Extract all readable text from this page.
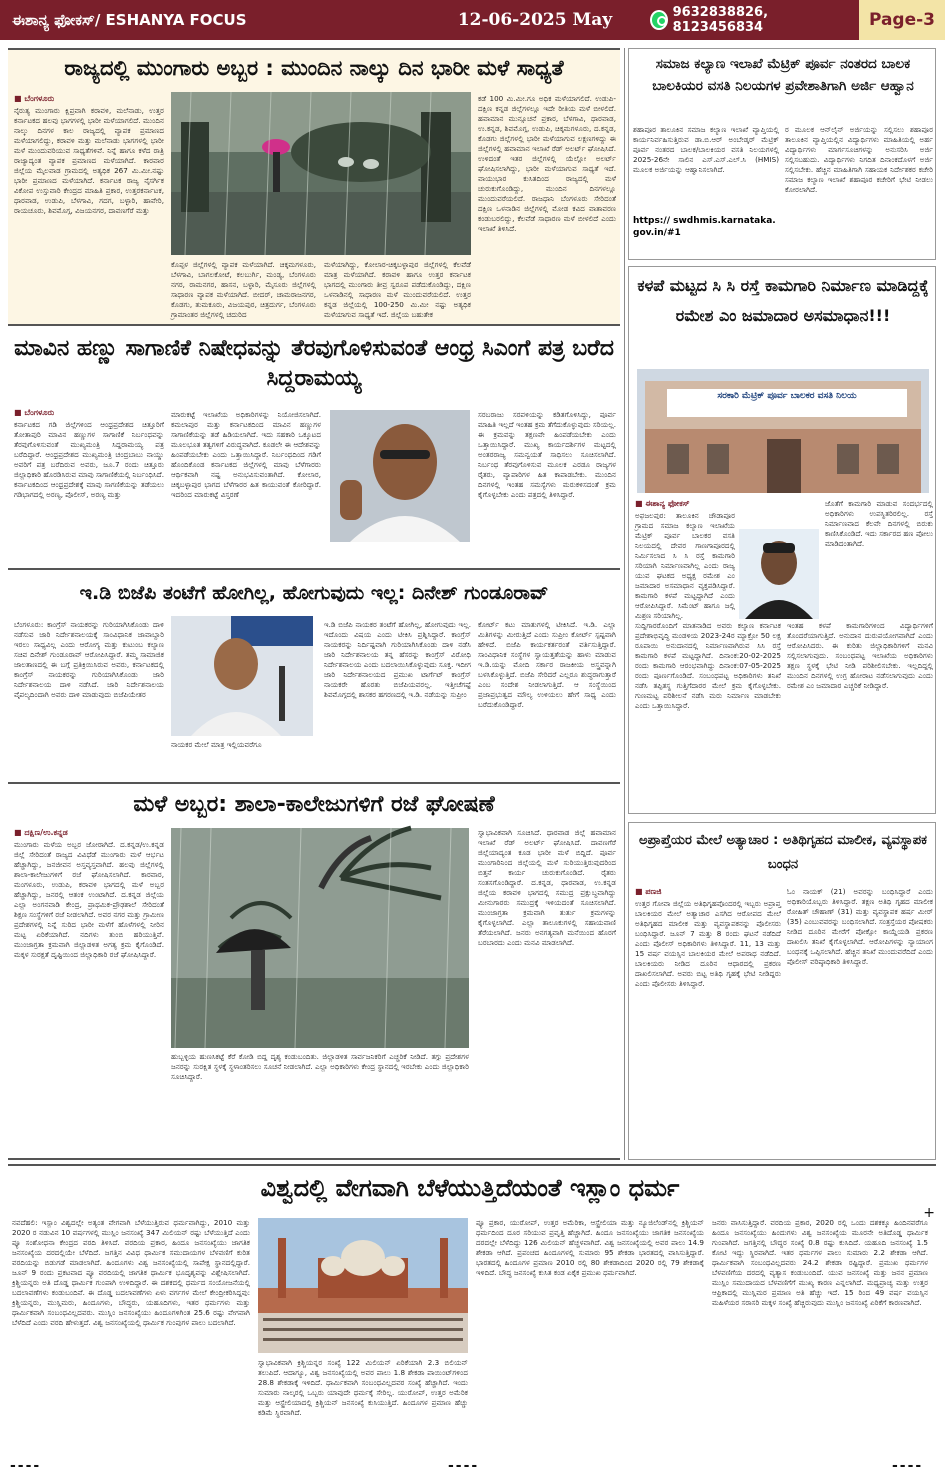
ಈಶಾನ್ಯ ಫೋಕಸ್/ ESHANYA FOCUS	12-06-2025 May	9632838826, 8123456834	Page-3
ರಾಜ್ಯದಲ್ಲಿ ಮುಂಗಾರು ಅಬ್ಬರ : ಮುಂದಿನ ನಾಲ್ಕು ದಿನ ಭಾರೀ ಮಳೆ ಸಾಧ್ಯತೆ
■ ಬೆಂಗಳೂರು
ನೈರುತ್ಯ ಮುಂಗಾರು ಕ್ಷಿಪ್ರವಾಗಿ ಕರಾವಳಿ, ಮಲೆನಾಡು, ಉತ್ತರ ಕರ್ನಾಟಕದ ಹಲವು ಭಾಗಗಳಲ್ಲಿ ಭಾರೀ ಮಳೆಯಾಗಲಿದೆ. ಮುಂದಿನ ನಾಲ್ಕು ದಿನಗಳ ಕಾಲ ರಾಜ್ಯದಲ್ಲಿ ವ್ಯಾಪಕ ಪ್ರಮಾಣದ ಮಳೆಯಾಗಲಿದ್ದು, ಕರಾವಳಿ ಮತ್ತು ಮಲೆನಾಡು ಭಾಗಗಳಲ್ಲಿ ಭಾರೀ ಮಳೆ ಮುಂದುವರಿಯುವ ಸಾಧ್ಯತೆಗಳಿವೆ. ನಿನ್ನೆ ಹಾಗೂ ಕಳೆದ ರಾತ್ರಿ ರಾಜ್ಯಾದ್ಯಂತ ವ್ಯಾಪಕ ಪ್ರಮಾಣದ ಮಳೆಯಾಗಿದೆ. ಕಾರವಾರ ಜಿಲ್ಲೆಯ ಮೈಲವಾಡ ಗ್ರಾಮದಲ್ಲಿ ಅತ್ಯಧಿಕ 267 ಮಿ.ಮೀ.ನಷ್ಟು ಭಾರೀ ಪ್ರಮಾಣದ ಮಳೆಯಾಗಿದೆ. ಕರ್ನಾಟಕ ರಾಜ್ಯ ನೈಸರ್ಗಿಕ ವಿಕೋಪ ಉಸ್ತುವಾರಿ ಕೇಂದ್ರದ ಮಾಹಿತಿ ಪ್ರಕಾರ, ಉತ್ತರಕರ್ನಾಟಕ, ಧಾರವಾಡ, ಉಡುಪಿ, ಬೆಳಗಾವಿ, ಗದಗ, ಬಳ್ಳಾರಿ, ಹಾವೇರಿ, ರಾಯಚೂರು, ಶಿವಮೊಗ್ಗ, ವಿಜಯನಗರ, ದಾವಣಗೆರೆ ಮತ್ತು
ಕೊಪ್ಪಳ ಜಿಲ್ಲೆಗಳಲ್ಲಿ ವ್ಯಾಪಕ ಮಳೆಯಾಗಿದೆ. ಚಿಕ್ಕಮಗಳೂರು, ಬೆಳಗಾವಿ, ಬಾಗಲಕೋಟೆ, ಕಲಬುರ್ಗಿ, ಮಂಡ್ಯ, ಬೆಂಗಳೂರು ನಗರ, ರಾಮನಗರ, ಹಾಸನ, ಬಳ್ಳಾರಿ, ಮೈಸೂರು ಜಿಲ್ಲೆಗಳಲ್ಲಿ ಸಾಧಾರಣ ವ್ಯಾಪಕ ಮಳೆಯಾಗಿದೆ. ಬೀದರ್, ಚಾಮರಾಜನಗರ, ಕೊಡಗು, ತುಮಕೂರು, ವಿಜಯಪುರ, ಚಿತ್ರದುರ್ಗ, ಬೆಂಗಳೂರು ಗ್ರಾಮಾಂತರ ಜಿಲ್ಲೆಗಳಲ್ಲಿ ಚದುರಿದ
ಮಳೆಯಾಗಿದ್ದು, ಕೋಲಾರ-ಚಿಕ್ಕಬಳ್ಳಾಪುರ ಜಿಲ್ಲೆಗಳಲ್ಲಿ ಕೆಲವೆಡೆ ಮಾತ್ರ ಮಳೆಯಾಗಿದೆ. ಕರಾವಳಿ ಹಾಗೂ ಉತ್ತರ ಕರ್ನಾಟಕ ಭಾಗದಲ್ಲಿ ಮುಂಗಾರು ತೀವ್ರ ಸ್ವರೂಪ ಪಡೆದುಕೊಂಡಿದ್ದು, ದಕ್ಷಿಣ ಒಳನಾಡಿನಲ್ಲಿ ಸಾಧಾರಣ ಮಳೆ ಮುಂದುವರೆಯಲಿದೆ. ಉತ್ತರ ಕನ್ನಡ ಜಿಲ್ಲೆಯಲ್ಲಿ 100-250 ಮಿ.ಮೀ ನಷ್ಟು ಅತ್ಯಧಿಕ ಮಳೆಯಾಗುವ ಸಾಧ್ಯತೆ ಇದೆ. ಜಿಲ್ಲೆಯ ಬಹುತೇಕ
ಕಡೆ 100 ಮಿ.ಮೀ.ಗೂ ಅಧಿಕ ಮಳೆಯಾಗಲಿದೆ. ಉಡುಪಿ-ದಕ್ಷಿಣ ಕನ್ನಡ ಜಿಲ್ಲೆಗಳಲ್ಲೂ ಇದೇ ರೀತಿಯ ಮಳೆ ಬೀಳಲಿದೆ. ಹವಾಮಾನ ಮುನ್ಸೂಚನೆ ಪ್ರಕಾರ, ಬೆಳಗಾವಿ, ಧಾರವಾಡ, ಉ.ಕನ್ನಡ, ಶಿವಮೊಗ್ಗ, ಉಡುಪಿ, ಚಿಕ್ಕಮಗಳೂರು, ದ.ಕನ್ನಡ, ಕೊಡಗು ಜಿಲ್ಲೆಗಳಲ್ಲಿ ಭಾರೀ ಮಳೆಯಾಗುವ ಲಕ್ಷಣಗಳಿದ್ದು ಈ ಜಿಲ್ಲೆಗಳಲ್ಲಿ ಹವಾಮಾನ ಇಲಾಖೆ ರೆಡ್ ಅಲರ್ಟ್ ಘೋಷಿಸಿದೆ. ಉಳಿದಂತೆ ಇತರ ಜಿಲ್ಲೆಗಳಲ್ಲಿ ಯೆಲ್ಲೋ ಅಲರ್ಟ್ ಘೋಷಿಸಲಾಗಿದ್ದು, ಭಾರೀ ಮಳೆಯಾಗುವ ಸಾಧ್ಯತೆ ಇದೆ. ವಾಯುಭಾರ ಕುಸಿತದಿಂದ ರಾಜ್ಯದಲ್ಲಿ ಮಳೆ ಚುರುಕುಗೊಂಡಿದ್ದು, ಮುಂದಿನ ದಿನಗಳಲ್ಲೂ ಮುಂದುವರೆಯಲಿದೆ. ರಾಜಧಾನಿ ಬೆಂಗಳೂರು ಸೇರಿದಂತೆ ದಕ್ಷಿಣ ಒಳನಾಡಿನ ಜಿಲ್ಲೆಗಳಲ್ಲಿ ಮೋಡ ಕವಿದ ವಾತಾವರಣ ಕಂಡುಬರಲಿದ್ದು, ಕೆಲವೆಡೆ ಸಾಧಾರಣ ಮಳೆ ಬೀಳಲಿದೆ ಎಂದು ಇಲಾಖೆ ತಿಳಿಸಿದೆ.
ಮಾವಿನ ಹಣ್ಣು ಸಾಗಾಣಿಕೆ ನಿಷೇಧವನ್ನು ತೆರವುಗೊಳಿಸುವಂತೆ ಆಂಧ್ರ ಸಿಎಂಗೆ ಪತ್ರ ಬರೆದ ಸಿದ್ದರಾಮಯ್ಯ
■ ಬೆಂಗಳೂರು
ಕರ್ನಾಟಕದ ಗಡಿ ಜಿಲ್ಲೆಗಳಿಂದ ಆಂಧ್ರಪ್ರದೇಶದ ಚಿತ್ತೂರಿಗೆ ತೋತಾಪುರಿ ಮಾವಿನ ಹಣ್ಣುಗಳ ಸಾಗಾಣಿಕೆ ನಿರ್ಬಂಧವನ್ನು ತೆರವುಗೊಳಿಸುವಂತೆ ಮುಖ್ಯಮಂತ್ರಿ ಸಿದ್ದರಾಮಯ್ಯ ಪತ್ರ ಬರೆದಿದ್ದಾರೆ. ಆಂಧ್ರಪ್ರದೇಶದ ಮುಖ್ಯಮಂತ್ರಿ ಚಂದ್ರಬಾಬು ನಾಯ್ಡು ಅವರಿಗೆ ಪತ್ರ ಬರೆದಿರುವ ಅವರು, ಜೂ.7 ರಂದು ಚಿತ್ತೂರು ಜಿಲ್ಲಾಧಿಕಾರಿ ಹೊರಡಿಸಿರುವ ಮಾವು ಸಾಗಾಣಿಕೆಯಲ್ಲಿ ನಿರ್ಬಂಧಿಸಿದೆ. ಕರ್ನಾಟಕದಿಂದ ಆಂಧ್ರಪ್ರದೇಶಕ್ಕೆ ಮಾವು ಸಾಗಣಿಕೆಯನ್ನು ತಡೆಯಲು ಗಡಿಭಾಗದಲ್ಲಿ ಅರಣ್ಯ, ಪೊಲೀಸ್, ಅರಣ್ಯ ಮತ್ತು
ಮಾರುಕಟ್ಟೆ ಇಲಾಖೆಯ ಅಧಿಕಾರಿಗಳನ್ನು ನಿಯೋಜಿಸಲಾಗಿದೆ. ಕಮಲಾಪುರ ಮತ್ತು ಕರ್ನಾಟಕದಿಂದ ಮಾವಿನ ಹಣ್ಣುಗಳ ಸಾಗಾಣಿಕೆಯನ್ನು ತಡೆ ಹಿಡಿಯಲಾಗಿದೆ. ಇದು ಸಹಕಾರಿ ಒಕ್ಕೂಟದ ಮೂಲಭೂತ ತತ್ವಗಳಿಗೆ ವಿರುದ್ಧವಾಗಿದೆ. ಕೂಡಲೇ ಈ ಆದೇಶವನ್ನು ಹಿಂಪಡೆಯಬೇಕು ಎಂದು ಒತ್ತಾಯಿಸಿದ್ದಾರೆ. ನಿರ್ಬಂಧದಿಂದ ಗಡಿಗೆ ಹೊಂದಿಕೊಂಡ ಕರ್ನಾಟಕದ ಜಿಲ್ಲೆಗಳಲ್ಲಿ ಮಾವು ಬೆಳೆಗಾರರು ಆರ್ಥಿಕವಾಗಿ ನಷ್ಟ ಅನುಭವಿಸುವಂತಾಗಿದೆ. ಕೋಲಾರ, ಚಿಕ್ಕಬಳ್ಳಾಪುರ ಭಾಗದ ಬೆಳೆಗಾರರ ಹಿತ ಕಾಯುವಂತೆ ಕೋರಿದ್ದಾರೆ. ಇದರಿಂದ ಮಾರುಕಟ್ಟೆ ವಿಸ್ತರಣೆ
ಸರಬರಾಜು ಸರಪಳಿಯನ್ನು ಕಡಿತಗೊಳಿಸಿದ್ದು, ಪೂರ್ವ ಮಾಹಿತಿ ಇಲ್ಲದೆ ಇಂತಹ ಕ್ರಮ ತೆಗೆದುಕೊಳ್ಳುವುದು ಸರಿಯಲ್ಲ. ಈ ಕ್ರಮವನ್ನು ತಕ್ಷಣವೇ ಹಿಂಪಡೆಯಬೇಕು ಎಂದು ಒತ್ತಾಯಿಸಿದ್ದಾರೆ. ಮುಖ್ಯ ಕಾರ್ಯದರ್ಶಿಗಳ ಮಟ್ಟದಲ್ಲಿ ಅಂತರರಾಜ್ಯ ಸಮನ್ವಯತೆ ಸಾಧಿಸಲು ಸೂಚಿಸಲಾಗಿದೆ. ನಿರ್ಬಂಧ ತೆರವುಗೊಳಿಸುವ ಮೂಲಕ ಎರಡೂ ರಾಜ್ಯಗಳ ರೈತರು, ವ್ಯಾಪಾರಿಗಳ ಹಿತ ಕಾಪಾಡಬೇಕು. ಮುಂದಿನ ದಿನಗಳಲ್ಲಿ ಇಂತಹ ಸಮಸ್ಯೆಗಳು ಮರುಕಳಿಸದಂತೆ ಕ್ರಮ ಕೈಗೊಳ್ಳಬೇಕು ಎಂದು ಪತ್ರದಲ್ಲಿ ತಿಳಿಸಿದ್ದಾರೆ.
ಇ.ಡಿ ಬಿಜೆಪಿ ತಂಟೆಗೆ ಹೋಗಿಲ್ಲ, ಹೋಗುವುದು ಇಲ್ಲ: ದಿನೇಶ್ ಗುಂಡೂರಾವ್
ಬೆಂಗಳೂರು: ಕಾಂಗ್ರೆಸ್ ನಾಯಕರನ್ನು ಗುರಿಯಾಗಿಸಿಕೊಂಡು ದಾಳಿ ನಡೆಸುವ ಜಾರಿ ನಿರ್ದೇಶನಾಲಯಕ್ಕೆ ಸಾಂವಿಧಾನಿಕ ಜಾವಾಬ್ದಾರಿ ಇರಲು ಸಾಧ್ಯವಿಲ್ಲ ಎಂದು ಆರೋಗ್ಯ ಮತ್ತು ಕುಟುಂಬ ಕಲ್ಯಾಣ ಸಚಿವ ದಿನೇಶ್ ಗುಂಡೂರಾವ್ ಆರೋಪಿಸಿದ್ದಾರೆ. ತಮ್ಮ ಸಾಮಾಜಿಕ ಜಾಲತಾಣದಲ್ಲಿ ಈ ಬಗ್ಗೆ ಪ್ರತಿಕ್ರಿಯಿಸಿರುವ ಅವರು, ಕರ್ನಾಟಕದಲ್ಲಿ ಕಾಂಗ್ರೆಸ್ ನಾಯಕರನ್ನು ಗುರಿಯಾಗಿಸಿಕೊಂಡು ಜಾರಿ ನಿರ್ದೇಶನಾಲಯ ದಾಳಿ ನಡೆಸಿದೆ. ಜಾರಿ ನಿರ್ದೇಶನಾಲಯ ವೈಪಲ್ಯದಿಂದಾಗಿ ಅವರು ದಾಳಿ ಮಾಡುವುದು ಬಿಜೆಪಿಯೇತರ
ನಾಯಕರ ಮೇಲೆ ಮಾತ್ರ ಇಲ್ಲಿಯವರೆಗೂ
ಇ.ಡಿ ಬಿಜೆಪಿ ನಾಯಕರ ತಂಟೆಗೆ ಹೋಗಿಲ್ಲ, ಹೋಗುವುದು ಇಲ್ಲ. ಇದೊಂದು ವಿಷಯ ಎಂದು ಟೀಕಿಸಿ ಪ್ರಶ್ನಿಸಿದ್ದಾರೆ. ಕಾಂಗ್ರೆಸ್ ನಾಯಕರನ್ನು ನಿರ್ದಿಷ್ಟವಾಗಿ ಗುರಿಯಾಗಿಸಿಕೊಂಡು ದಾಳಿ ನಡೆಸಿ ಜಾರಿ ನಿರ್ದೇಶನಾಲಯ ತನ್ನ ಹೆಸರನ್ನು ಕಾಂಗ್ರೆಸ್ ವಿರೋಧಿ ನಿರ್ದೇಶನಾಲಯ ಎಂದು ಬದಲಾಯಿಸಿಕೊಳ್ಳುವುದು ಸೂಕ್ತ. ಇದೀಗ ಜಾರಿ ನಿರ್ದೇಶನಾಲಯದ ಪ್ರಮುಖ ಟಾರ್ಗೆಟ್ ಕಾಂಗ್ರೆಸ್ ನಾಯಕರೇ ಹೊರತು ಬಿಜೆಪಿಯವರಲ್ಲ. ಇತ್ತೀಚೆಗಷ್ಟೆ ಶಿವಮೊಗ್ಗದಲ್ಲಿ ಶಾಸಕರ ಹಗರಣದಲ್ಲಿ ಇ.ಡಿ. ನಡೆಯನ್ನು ಸುಪ್ರೀಂ
ಕೋರ್ಟ್ ಕಟು ಮಾತುಗಳಲ್ಲಿ ಟೀಕಿಸಿದೆ. ಇ.ಡಿ. ಎಲ್ಲಾ ಮಿತಿಗಳನ್ನು ಮೀರುತ್ತಿದೆ ಎಂದು ಸುಪ್ರೀಂ ಕೋರ್ಟ್ ಸ್ಪಷ್ಟವಾಗಿ ಹೇಳಿದೆ. ಬಿಜೆಪಿ ಕಾರ್ಯಕರ್ತರಂತೆ ವರ್ತಿಸುತ್ತಿದ್ದಾರೆ. ಸಾಂವಿಧಾನಿಕ ಸಂಸ್ಥೆಗಳ ಸ್ವಾಯತ್ತತೆಯನ್ನು ಹಾಳು ಮಾಡುವ ಇ.ಡಿ.ಯನ್ನು ಮೋದಿ ಸರ್ಕಾರ ರಾಜಕೀಯ ಅಸ್ತ್ರವನ್ನಾಗಿ ಬಳಸಿಕೊಳ್ಳುತ್ತಿದೆ. ಬಿಜೆಪಿ ಸೇರಿದರೆ ಎಲ್ಲರೂ ಶುದ್ಧರಾಗುತ್ತಾರೆ ಎಂಬ ಸಂದೇಶ ನೀಡಲಾಗುತ್ತಿದೆ. ಆ ಸಂಸ್ಥೆಯಿಂದ ಪ್ರಜಾಪ್ರಭುತ್ವದ ಮೌಲ್ಯ ಉಳಿಯಲು ಹೇಗೆ ಸಾಧ್ಯ ಎಂದು ಬರೆದುಕೊಂಡಿದ್ದಾರೆ.
ಮಳೆ ಅಬ್ಬರ: ಶಾಲಾ-ಕಾಲೇಜುಗಳಿಗೆ ರಜೆ ಘೋಷಣೆ
■ ದಕ್ಷಿಣ/ಉ.ಕನ್ನಡ
ಮುಂಗಾರು ಮಳೆಯ ಅಬ್ಬರ ಜೋರಾಗಿದೆ. ದ.ಕನ್ನಡ/ಉ.ಕನ್ನಡ ಜಿಲ್ಲೆ ಸೇರಿದಂತೆ ರಾಜ್ಯದ ವಿವಿಧೆಡೆ ಮುಂಗಾರು ಮಳೆ ಆರ್ಭಟ ಹೆಚ್ಚಾಗಿದ್ದು, ಜನಜೀವನ ಅಸ್ತವ್ಯಸ್ತವಾಗಿದೆ. ಹಲವು ಜಿಲ್ಲೆಗಳಲ್ಲಿ ಶಾಲಾ-ಕಾಲೇಜುಗಳಿಗೆ ರಜೆ ಘೋಷಿಸಲಾಗಿದೆ. ಕಾರವಾರ, ಮಂಗಳೂರು, ಉಡುಪಿ, ಕರಾವಳಿ ಭಾಗದಲ್ಲಿ ಮಳೆ ಅಬ್ಬರ ಹೆಚ್ಚಾಗಿದ್ದು, ಜನರಲ್ಲಿ ಆತಂಕ ಉಂಟಾಗಿದೆ. ದ.ಕನ್ನಡ ಜಿಲ್ಲೆಯ ಎಲ್ಲಾ ಅಂಗನವಾಡಿ ಕೇಂದ್ರ, ಪ್ರಾಥಮಿಕ-ಪ್ರೌಢಶಾಲೆ ಸೇರಿದಂತೆ ಶಿಕ್ಷಣ ಸಂಸ್ಥೆಗಳಿಗೆ ರಜೆ ನೀಡಲಾಗಿದೆ. ಅವರ ನಗರ ಮತ್ತು ಗ್ರಾಮೀಣ ಪ್ರದೇಶಗಳಲ್ಲಿ ನಿನ್ನೆ ಸುರಿದ ಭಾರೀ ಮಳೆಗೆ ಹೊಳೆಗಳಲ್ಲಿ ನೀರಿನ ಮಟ್ಟ ಏರಿಕೆಯಾಗಿದೆ. ನದಿಗಳು ತುಂಬಿ ಹರಿಯುತ್ತಿವೆ. ಮುಂಜಾಗ್ರತಾ ಕ್ರಮವಾಗಿ ಜಿಲ್ಲಾಡಳಿತ ಅಗತ್ಯ ಕ್ರಮ ಕೈಗೊಂಡಿದೆ. ಮಕ್ಕಳ ಸುರಕ್ಷತೆ ದೃಷ್ಟಿಯಿಂದ ಜಿಲ್ಲಾಧಿಕಾರಿ ರಜೆ ಘೋಷಿಸಿದ್ದಾರೆ.
ಹುಬ್ಬಳ್ಳಿಯ ಹುಣಸಿಕಟ್ಟೆ ಕೆರೆ ಕೋಡಿ ಬಿದ್ದ ದೃಶ್ಯ ಕಂಡುಬಂದಿತು. ಜಿಲ್ಲಾಡಳಿತ ಸಾರ್ವಜನಿಕರಿಗೆ ಎಚ್ಚರಿಕೆ ನೀಡಿದೆ. ತಗ್ಗು ಪ್ರದೇಶಗಳ ಜನರನ್ನು ಸುರಕ್ಷಿತ ಸ್ಥಳಕ್ಕೆ ಸ್ಥಳಾಂತರಿಸಲು ಸೂಚನೆ ನೀಡಲಾಗಿದೆ. ಎಲ್ಲಾ ಅಧಿಕಾರಿಗಳು ಕೇಂದ್ರ ಸ್ಥಾನದಲ್ಲಿ ಇರಬೇಕು ಎಂದು ಜಿಲ್ಲಾಧಿಕಾರಿ ಸೂಚಿಸಿದ್ದಾರೆ.
ಸ್ವಾಭಾವಿಕವಾಗಿ ಸೂಚಿಸಿದೆ. ಧಾರವಾಡ ಜಿಲ್ಲೆ ಹವಾಮಾನ ಇಲಾಖೆ ರೆಡ್ ಅಲರ್ಟ್ ಘೋಷಿಸಿದೆ. ದಾವಣಗೆರೆ ಜಿಲ್ಲೆಯಾದ್ಯಂತ ಕೂಡ ಭಾರೀ ಮಳೆ ಬಿದ್ದಿದೆ. ಪೂರ್ವ ಮುಂಗಾರಿನಿಂದ ಜಿಲ್ಲೆಯಲ್ಲಿ ಮಳೆ ಸುರಿಯುತ್ತಿರುವುದರಿಂದ ಬಿತ್ತನೆ ಕಾರ್ಯ ಚುರುಕುಗೊಂಡಿದೆ. ರೈತರು ಸಂತಸಗೊಂಡಿದ್ದಾರೆ. ದ.ಕನ್ನಡ, ಧಾರವಾಡ, ಉ.ಕನ್ನಡ ಜಿಲ್ಲೆಯ ಕರಾವಳಿ ಭಾಗದಲ್ಲಿ ಸಮುದ್ರ ಪ್ರಕ್ಷುಬ್ಧವಾಗಿದ್ದು ಮೀನುಗಾರರು ಸಮುದ್ರಕ್ಕೆ ಇಳಿಯದಂತೆ ಸೂಚಿಸಲಾಗಿದೆ. ಮುಂಜಾಗ್ರತಾ ಕ್ರಮವಾಗಿ ತುರ್ತು ಕ್ರಮಗಳನ್ನು ಕೈಗೊಳ್ಳಲಾಗಿದೆ. ಎಲ್ಲಾ ತಾಲೂಕುಗಳಲ್ಲಿ ಸಹಾಯವಾಣಿ ತೆರೆಯಲಾಗಿದೆ. ಜನರು ಅನಗತ್ಯವಾಗಿ ಮನೆಯಿಂದ ಹೊರಗೆ ಬರಬಾರದು ಎಂದು ಮನವಿ ಮಾಡಲಾಗಿದೆ.
ವಿಶ್ವದಲ್ಲಿ ವೇಗವಾಗಿ ಬೆಳೆಯುತ್ತಿದೆಯಂತೆ ಇಸ್ಲಾಂ ಧರ್ಮ
ನವದೆಹಲಿ: ಇಸ್ಲಾಂ ವಿಶ್ವದಲ್ಲೇ ಅತ್ಯಂತ ವೇಗವಾಗಿ ಬೆಳೆಯುತ್ತಿರುವ ಧರ್ಮವಾಗಿದ್ದು, 2010 ಮತ್ತು 2020 ರ ನಡುವಿನ 10 ವರ್ಷಗಳಲ್ಲಿ ಮುಸ್ಲಿಂ ಜನಸಂಖ್ಯೆ 347 ಮಿಲಿಯನ್ ರಷ್ಟು ಬೆಳೆಯುತ್ತಿದೆ ಎಂದು ಪ್ಯೂ ಸಂಶೋಧನಾ ಕೇಂದ್ರದ ವರದಿ ತಿಳಿಸಿದೆ. ವರದಿಯ ಪ್ರಕಾರ, ಹಿಂದೂ ಜನಸಂಖ್ಯೆಯು ಜಾಗತಿಕ ಜನಸಂಖ್ಯೆಯ ದರದಲ್ಲಿಯೇ ಬೆಳೆದಿದೆ. ಜಗತ್ತಿನ ವಿವಿಧ ಧಾರ್ಮಿಕ ಸಮುದಾಯಗಳ ಬೆಳವಣಿಗೆ ಕುರಿತ ವರದಿಯನ್ನು ಬಿಡುಗಡೆ ಮಾಡಲಾಗಿದೆ. ಹಿಂದೂಗಳು ವಿಶ್ವ ಜನಸಂಖ್ಯೆಯಲ್ಲಿ ಸಾಪೇಕ್ಷ ಸ್ಥಾನದಲ್ಲಿದ್ದಾರೆ. ಜೂನ್ 9 ರಂದು ಪ್ರಕಟವಾದ ಪ್ಯೂ ವರದಿಯಲ್ಲಿ ಜಾಗತಿಕ ಧಾರ್ಮಿಕ ಭೂದೃಶ್ಯವನ್ನು ವಿಶ್ಲೇಷಿಸಲಾಗಿದೆ. ಕ್ರಿಶ್ಚಿಯನ್ನರು ಅತಿ ದೊಡ್ಡ ಧಾರ್ಮಿಕ ಗುಂಪಾಗಿ ಉಳಿದಿದ್ದಾರೆ. ಈ ದಶಕದಲ್ಲಿ ಧರ್ಮದ ಸಂಯೋಜನೆಯಲ್ಲಿ ಬದಲಾವಣೆಗಳು ಕಂಡುಬಂದಿವೆ. ಈ ದೊಡ್ಡ ಬದಲಾವಣೆಗಳು ಏಳು ವರ್ಗಗಳ ಮೇಲೆ ಕೇಂದ್ರೀಕರಿಸಿದ್ದವು: ಕ್ರಿಶ್ಚಿಯನ್ನರು, ಮುಸ್ಲಿಮರು, ಹಿಂದೂಗಳು, ಬೌದ್ಧರು, ಯಹೂದಿಗಳು, ಇತರ ಧರ್ಮಗಳು ಮತ್ತು ಧಾರ್ಮಿಕವಾಗಿ ಸಂಬಂಧವಿಲ್ಲದವರು. ಮುಸ್ಲಿಂ ಜನಸಂಖ್ಯೆಯು ಹಿಂದೂಗಳಿಗಿಂತ 25.6 ರಷ್ಟು ವೇಗವಾಗಿ ಬೆಳೆದಿದೆ ಎಂದು ವರದಿ ಹೇಳುತ್ತದೆ. ವಿಶ್ವ ಜನಸಂಖ್ಯೆಯಲ್ಲಿ ಧಾರ್ಮಿಕ ಗುಂಪುಗಳ ಪಾಲು ಬದಲಾಗಿದೆ.
ಸ್ವಾಭಾವಿಕವಾಗಿ ಕ್ರಿಶ್ಚಿಯನ್ನರ ಸಂಖ್ಯೆ 122 ಮಿಲಿಯನ್ ಏರಿಕೆಯಾಗಿ 2.3 ಬಿಲಿಯನ್ ತಲುಪಿದೆ. ಆದಾಗ್ಯೂ, ವಿಶ್ವ ಜನಸಂಖ್ಯೆಯಲ್ಲಿ ಅವರ ಪಾಲು 1.8 ಶೇಕಡಾ ಪಾಯಿಂಟ್‌ಗಳಿಂದ 28.8 ಶೇಕಡಾಕ್ಕೆ ಇಳಿದಿದೆ. ಧಾರ್ಮಿಕವಾಗಿ ಸಂಬಂಧವಿಲ್ಲದವರ ಸಂಖ್ಯೆ ಹೆಚ್ಚಾಗಿದೆ. ಇಂದು ಸುಮಾರು ನಾಲ್ಕರಲ್ಲಿ ಒಬ್ಬರು ಯಾವುದೇ ಧರ್ಮಕ್ಕೆ ಸೇರಿಲ್ಲ. ಯುರೋಪ್, ಉತ್ತರ ಅಮೆರಿಕ ಮತ್ತು ಆಸ್ಟ್ರೇಲಿಯಾದಲ್ಲಿ ಕ್ರಿಶ್ಚಿಯನ್ ಜನಸಂಖ್ಯೆ ಕುಸಿಯುತ್ತಿದೆ. ಹಿಂದೂಗಳ ಪ್ರಮಾಣ ಹೆಚ್ಚು ಕಡಿಮೆ ಸ್ಥಿರವಾಗಿದೆ.
ಪ್ಯೂ ಪ್ರಕಾರ, ಯುರೋಪ್, ಉತ್ತರ ಅಮೆರಿಕಾ, ಆಸ್ಟ್ರೇಲಿಯಾ ಮತ್ತು ನ್ಯೂಜಿಲೆಂಡ್‌ನಲ್ಲಿ ಕ್ರಿಶ್ಚಿಯನ್ ಧರ್ಮದಿಂದ ದೂರ ಸರಿಯುವ ಪ್ರವೃತ್ತಿ ಹೆಚ್ಚಾಗಿದೆ. ಹಿಂದೂ ಜನಸಂಖ್ಯೆಯು ಜಾಗತಿಕ ಜನಸಂಖ್ಯೆಯ ದರದಲ್ಲೇ ಬೆಳೆದಿದ್ದು 126 ಮಿಲಿಯನ್‌ ಹೆಚ್ಚಳವಾಗಿದೆ. ವಿಶ್ವ ಜನಸಂಖ್ಯೆಯಲ್ಲಿ ಅವರ ಪಾಲು 14.9 ಶೇಕಡಾ ಆಗಿದೆ. ಪ್ರಪಂಚದ ಹಿಂದೂಗಳಲ್ಲಿ ಸುಮಾರು 95 ಶೇಕಡಾ ಭಾರತದಲ್ಲಿ ವಾಸಿಸುತ್ತಿದ್ದಾರೆ. ಭಾರತದಲ್ಲಿ ಹಿಂದೂಗಳ ಪ್ರಮಾಣ 2010 ರಲ್ಲಿ 80 ಶೇಕಡಾದಿಂದ 2020 ರಲ್ಲಿ 79 ಶೇಕಡಾಕ್ಕೆ ಇಳಿದಿದೆ. ಬೌದ್ಧ ಜನಸಂಖ್ಯೆ ಕುಸಿತ ಕಂಡ ಏಕೈಕ ಪ್ರಮುಖ ಧರ್ಮವಾಗಿದೆ.
ಜನರು ವಾಸಿಸುತ್ತಿದ್ದಾರೆ. ವರದಿಯ ಪ್ರಕಾರ, 2020 ರಲ್ಲಿ ಒಂದು ದಶಕಕ್ಕೂ ಹಿಂದಿನವರೆಗೂ ಹಿಂದೂ ಜನಸಂಖ್ಯೆಯು ಹಿಂದುಗಳು ವಿಶ್ವ ಜನಸಂಖ್ಯೆಯ ಮೂರನೇ ಅತಿದೊಡ್ಡ ಧಾರ್ಮಿಕ ಗುಂಪಾಗಿದೆ. ಜಗತ್ತಿನಲ್ಲಿ ಬೌದ್ಧರ ಸಂಖ್ಯೆ 0.8 ರಷ್ಟು ಕುಸಿದಿದೆ. ಯಹೂದಿ ಜನಸಂಖ್ಯೆ 1.5 ಕೋಟಿ ಇದ್ದು ಸ್ಥಿರವಾಗಿದೆ. ಇತರ ಧರ್ಮಗಳ ಪಾಲು ಸುಮಾರು 2.2 ಶೇಕಡಾ ಆಗಿದೆ. ಧಾರ್ಮಿಕವಾಗಿ ಸಂಬಂಧವಿಲ್ಲದವರು 24.2 ಶೇಕಡಾ ರಷ್ಟಿದ್ದಾರೆ. ಪ್ರಮುಖ ಧರ್ಮಗಳ ಬೆಳವಣಿಗೆಯ ದರದಲ್ಲಿ ವ್ಯತ್ಯಾಸ ಕಂಡುಬಂದಿದೆ. ಯುವ ಜನಸಂಖ್ಯೆ ಮತ್ತು ಜನನ ಪ್ರಮಾಣ ಮುಸ್ಲಿಂ ಸಮುದಾಯದ ಬೆಳವಣಿಗೆಗೆ ಮುಖ್ಯ ಕಾರಣ ಎನ್ನಲಾಗಿದೆ. ಮಧ್ಯಪ್ರಾಚ್ಯ ಮತ್ತು ಉತ್ತರ ಆಫ್ರಿಕಾದಲ್ಲಿ ಮುಸ್ಲಿಮರ ಪ್ರಮಾಣ ಅತಿ ಹೆಚ್ಚು ಇದೆ. 15 ರಿಂದ 49 ವರ್ಷ ವಯಸ್ಸಿನ ಮಹಿಳೆಯರ ಸರಾಸರಿ ಮಕ್ಕಳ ಸಂಖ್ಯೆ ಹೆಚ್ಚಿರುವುದು ಮುಸ್ಲಿಂ ಜನಸಂಖ್ಯೆ ಏರಿಕೆಗೆ ಕಾರಣವಾಗಿದೆ.
ಸಮಾಜ ಕಲ್ಯಾಣ ಇಲಾಖೆ ಮೆಟ್ರಿಕ್ ಪೂರ್ವ ನಂತರದ ಬಾಲಕ ಬಾಲಕಿಯರ ವಸತಿ ನಿಲಯಗಳ ಪ್ರವೇಶಾತಿಗಾಗಿ ಅರ್ಜಿ ಆಹ್ವಾನ
ಶಹಾಪೂರ ತಾಲೂಕಿನ ಸಮಾಜ ಕಲ್ಯಾಣ ಇಲಾಖೆ ವ್ಯಾಪ್ತಿಯಲ್ಲಿ ಕಾರ್ಯನಿರ್ವಹಿಸುತ್ತಿರುವ ಡಾ.ಬಿ.ಆರ್ ಅಂಬೇಡ್ಕರ್ ಮೆಟ್ರಿಕ್ ಪೂರ್ವ ನಂತರದ ಬಾಲಕ/ಬಾಲಕಿಯರ ವಸತಿ ನಿಲಯಗಳಲ್ಲಿ 2025-26ನೇ ಸಾಲಿನ ಎಸ್.ಎಸ್.ಎಲ್.ಸಿ (HMIS) ಮೂಲಕ ಅರ್ಜಿಯನ್ನು ಆಹ್ವಾನಿಸಲಾಗಿದೆ.
https:// swdhmis.karnataka.gov.in/#1
ರ ಮೂಲಕ ಆನ್‌ಲೈನ್ ಅರ್ಜಿಯನ್ನು ಸಲ್ಲಿಸಲು ಶಹಾಪೂರ ತಾಲೂಕಿನ ವ್ಯಾಪ್ತಿಯಲ್ಲಿನ ವಿದ್ಯಾರ್ಥಿಗಳು ಮಾಹಿತಿಯಲ್ಲಿ ಅರ್ಹ ವಿದ್ಯಾರ್ಥಿಗಳು ಮಾರ್ಗಸೂಚಿಗಳನ್ನು ಅನುಸರಿಸಿ ಅರ್ಜಿ ಸಲ್ಲಿಸಬಹುದು. ವಿದ್ಯಾರ್ಥಿಗಳು ನಿಗದಿತ ದಿನಾಂಕದೊಳಗೆ ಅರ್ಜಿ ಸಲ್ಲಿಸಬೇಕು. ಹೆಚ್ಚಿನ ಮಾಹಿತಿಗಾಗಿ ಸಹಾಯಕ ನಿರ್ದೇಶಕರ ಕಚೇರಿ ಸಮಾಜ ಕಲ್ಯಾಣ ಇಲಾಖೆ ಶಹಾಪೂರ ಕಚೇರಿಗೆ ಭೇಟಿ ನೀಡಲು ಕೋರಲಾಗಿದೆ.
ಕಳಪೆ ಮಟ್ಟದ ಸಿ ಸಿ ರಸ್ತೆ ಕಾಮಗಾರಿ ನಿರ್ಮಾಣ ಮಾಡಿದ್ದಕ್ಕೆ ರಮೇಶ ಎಂ ಜಮಾದಾರ ಅಸಮಾಧಾನ!!!
ಸರಕಾರಿ ಮೆಟ್ರಿಕ್ ಪೂರ್ವ ಬಾಲಕರ ವಸತಿ ನಿಲಯ
■ ಈಶಾನ್ಯ ಫೋಕಸ್
ಅಫಜಲಪುರ: ತಾಲೂಕಿನ ಚೌಡಾಪೂರ ಗ್ರಾಮದ ಸಮಾಜ ಕಲ್ಯಾಣ ಇಲಾಖೆಯ ಮೆಟ್ರಿಕ್ ಪೂರ್ವ ಬಾಲಕರ ವಸತಿ ನಿಲಯದಲ್ಲಿ ದೇವರ ಗಾಣಗಾಪೂರದಲ್ಲಿ ನಿರ್ಮಿಸಲಾದ ಸಿ ಸಿ ರಸ್ತೆ ಕಾಮಗಾರಿ ಸರಿಯಾಗಿ ನಿರ್ಮಾಣವಾಗಿಲ್ಲ ಎಂದು ರಾಜ್ಯ ಯುವ ಘಟಕದ ಅಧ್ಯಕ್ಷ ರಮೇಶ ಎಂ ಜಮಾದಾರ ಅಸಮಾಧಾನ ವ್ಯಕ್ತಪಡಿಸಿದ್ದಾರೆ. ಕಾಮಗಾರಿ ಕಳಪೆ ಮಟ್ಟದ್ದಾಗಿದೆ ಎಂದು ಆರೋಪಿಸಿದ್ದಾರೆ. ಸಿಮೆಂಟ್ ಹಾಗೂ ಜಲ್ಲಿ ಮಿಶ್ರಣ ಸರಿಯಾಗಿಲ್ಲ.
ಜೊತೆಗೆ ಕಾಮಗಾರಿ ಮಾಡುವ ಸಂದರ್ಭದಲ್ಲಿ ಅಧಿಕಾರಿಗಳು ಉಪಸ್ಥಿತರಿರಲಿಲ್ಲ. ರಸ್ತೆ ನಿರ್ಮಾಣವಾದ ಕೆಲವೇ ದಿನಗಳಲ್ಲಿ ಬಿರುಕು ಕಾಣಿಸಿಕೊಂಡಿದೆ. ಇದು ಸರ್ಕಾರದ ಹಣ ಪೋಲು ಮಾಡಿದಂತಾಗಿದೆ.
ಸುದ್ದಿಗಾರರೊಂದಿಗೆ ಮಾತನಾಡಿದ ಅವರು ಕಲ್ಯಾಣ ಕರ್ನಾಟಕ ಪ್ರದೇಶಾಭಿವೃದ್ಧಿ ಮಂಡಳಿಯ 2023-24ರ ಮ್ಯಾಕ್ರೋ 50 ಲಕ್ಷ ರೂಪಾಯಿ ಅನುದಾನದಲ್ಲಿ ನಿರ್ಮಾಣವಾಗಿರುವ ಸಿಸಿ ರಸ್ತೆ ಕಾಮಗಾರಿ ಕಳಪೆ ಮಟ್ಟದ್ದಾಗಿದೆ. ದಿನಾಂಕ:20-02-2025 ರಂದು ಕಾಮಗಾರಿ ಆರಂಭವಾಗಿದ್ದು ದಿನಾಂಕ:07-05-2025 ರಂದು ಪೂರ್ಣಗೊಂಡಿದೆ. ಸಂಬಂಧಪಟ್ಟ ಅಧಿಕಾರಿಗಳು ತನಿಖೆ ನಡೆಸಿ ತಪ್ಪಿತಸ್ಥ ಗುತ್ತಿಗೆದಾರರ ಮೇಲೆ ಕ್ರಮ ಕೈಗೊಳ್ಳಬೇಕು. ಗುಣಮಟ್ಟ ಪರಿಶೀಲನೆ ನಡೆಸಿ ಮರು ನಿರ್ಮಾಣ ಮಾಡಬೇಕು ಎಂದು ಒತ್ತಾಯಿಸಿದ್ದಾರೆ.
ಇಂತಹ ಕಳಪೆ ಕಾಮಗಾರಿಗಳಿಂದ ವಿದ್ಯಾರ್ಥಿಗಳಿಗೆ ತೊಂದರೆಯಾಗುತ್ತಿದೆ. ಅನುದಾನ ದುರುಪಯೋಗವಾಗಿದೆ ಎಂದು ಆರೋಪಿಸಿದರು. ಈ ಕುರಿತು ಜಿಲ್ಲಾಧಿಕಾರಿಗಳಿಗೆ ಮನವಿ ಸಲ್ಲಿಸಲಾಗುವುದು. ಸಂಬಂಧಪಟ್ಟ ಇಲಾಖೆಯ ಅಧಿಕಾರಿಗಳು ತಕ್ಷಣ ಸ್ಥಳಕ್ಕೆ ಭೇಟಿ ನೀಡಿ ಪರಿಶೀಲಿಸಬೇಕು. ಇಲ್ಲದಿದ್ದಲ್ಲಿ ಮುಂದಿನ ದಿನಗಳಲ್ಲಿ ಉಗ್ರ ಹೋರಾಟ ನಡೆಸಲಾಗುವುದು ಎಂದು ರಮೇಶ ಎಂ ಜಮಾದಾರ ಎಚ್ಚರಿಕೆ ನೀಡಿದ್ದಾರೆ.
ಅಪ್ರಾಪ್ತೆಯರ ಮೇಲೆ ಅತ್ಯಾಚಾರ : ಅತಿಥಿಗೃಹದ ಮಾಲೀಕ, ವ್ಯವಸ್ಥಾಪಕ ಬಂಧನ
■ ಪಣಜಿ
ಉತ್ತರ ಗೋವಾ ಜಿಲ್ಲೆಯ ಅತಿಥಿಗೃಹವೊಂದರಲ್ಲಿ ಇಬ್ಬರು ಅಪ್ರಾಪ್ತ ಬಾಲಕಿಯರ ಮೇಲೆ ಅತ್ಯಾಚಾರ ಎಸಗಿದ ಆರೋಪದ ಮೇಲೆ ಅತಿಥಿಗೃಹದ ಮಾಲೀಕ ಮತ್ತು ವ್ಯವಸ್ಥಾಪಕನನ್ನು ಪೊಲೀಸರು ಬಂಧಿಸಿದ್ದಾರೆ. ಜೂನ್ 7 ಮತ್ತು 8 ರಂದು ಘಟನೆ ನಡೆದಿದೆ ಎಂದು ಪೊಲೀಸ್ ಅಧಿಕಾರಿಗಳು ತಿಳಿಸಿದ್ದಾರೆ. 11, 13 ಮತ್ತು 15 ವರ್ಷ ವಯಸ್ಸಿನ ಬಾಲಕಿಯರ ಮೇಲೆ ಅಪರಾಧ ನಡೆದಿದೆ. ಬಾಲಕಿಯರು ನೀಡಿದ ದೂರಿನ ಆಧಾರದಲ್ಲಿ ಪ್ರಕರಣ ದಾಖಲಿಸಲಾಗಿದೆ. ಅವರು ಬಿಟ್ಟ ಅತಿಥಿ ಗೃಹಕ್ಕೆ ಭೇಟಿ ನೀಡಿದ್ದರು ಎಂದು ಪೊಲೀಸರು ತಿಳಿಸಿದ್ದಾರೆ.
ಓಂ ನಾಯಕ್ (21) ಅವರನ್ನು ಬಂಧಿಸಿದ್ದಾರೆ ಎಂದು ಅಧಿಕಾರಿಯೊಬ್ಬರು ತಿಳಿಸಿದ್ದಾರೆ. ತಕ್ಷಣ ಅತಿಥಿ ಗೃಹದ ಮಾಲೀಕ ರೋಹಿತ್ ಚೌಹಾಣ್ (31) ಮತ್ತು ವ್ಯವಸ್ಥಾಪಕ ಹರ್ಷ ಮೀರ್ (35) ಎಂಬುವವರನ್ನು ಬಂಧಿಸಲಾಗಿದೆ. ಸಂತ್ರಸ್ತೆಯರ ಪೋಷಕರು ನೀಡಿದ ದೂರಿನ ಮೇರೆಗೆ ಪೋಕ್ಸೋ ಕಾಯ್ದೆಯಡಿ ಪ್ರಕರಣ ದಾಖಲಿಸಿ ತನಿಖೆ ಕೈಗೊಳ್ಳಲಾಗಿದೆ. ಆರೋಪಿಗಳನ್ನು ನ್ಯಾಯಾಂಗ ಬಂಧನಕ್ಕೆ ಒಪ್ಪಿಸಲಾಗಿದೆ. ಹೆಚ್ಚಿನ ತನಿಖೆ ಮುಂದುವರೆದಿದೆ ಎಂದು ಪೊಲೀಸ್ ವರಿಷ್ಠಾಧಿಕಾರಿ ತಿಳಿಸಿದ್ದಾರೆ.
----	----	----
+
